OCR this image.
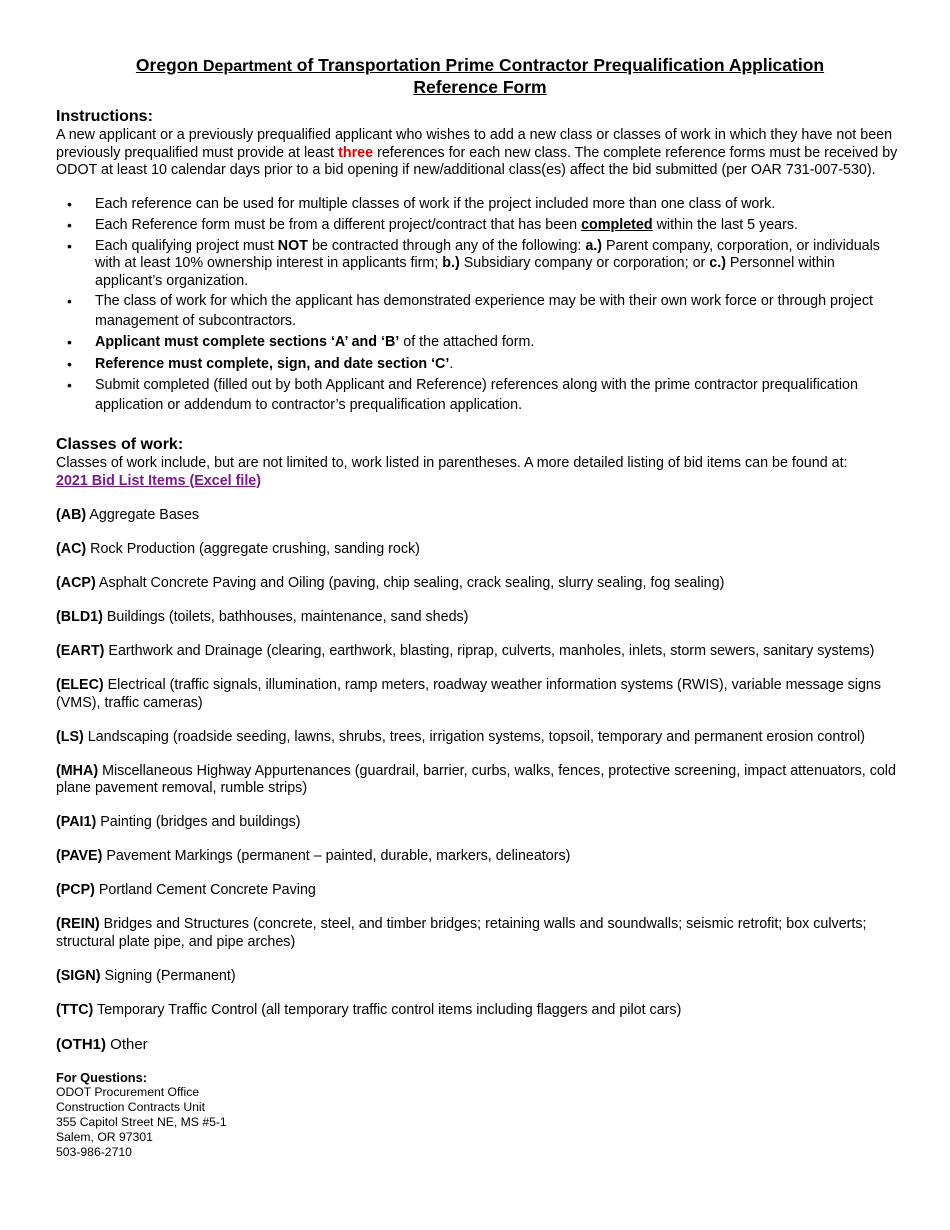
Oregon Department of Transportation Prime Contractor Prequalification Application
Reference Form
Instructions:

A new applicant or a previously prequalified applicant who wishes to add a new class or classes of work in which they have not been previously prequalified must provide at least three references for each new class. The complete reference forms must be received by ODOT at least 10 calendar days prior to a bid opening if new/additional class(es) affect the bid submitted (per OAR 731-007-530).

• Each reference can be used for multiple classes of work if the project included more than one class of work.
• Each Reference form must be from a different project/contract that has been completed within the last 5 years.
• Each qualifying project must NOT be contracted through any of the following: a.) Parent company, corporation, or individuals with at least 10% ownership interest in applicants firm; b.) Subsidiary company or corporation; or c.) Personnel within applicant’s organization.
• The class of work for which the applicant has demonstrated experience may be with their own work force or through project management of subcontractors.
• Applicant must complete sections ‘A’ and ‘B’ of the attached form.
• Reference must complete, sign, and date section ‘C’.
• Submit completed (filled out by both Applicant and Reference) references along with the prime contractor prequalification application or addendum to contractor’s prequalification application.
Classes of work:

Classes of work include, but are not limited to, work listed in parentheses. A more detailed listing of bid items can be found at:

2021 Bid List Items (Excel file)

(AB) Aggregate Bases

(AC) Rock Production (aggregate crushing, sanding rock)

(ACP) Asphalt Concrete Paving and Oiling (paving, chip sealing, crack sealing, slurry sealing, fog sealing)

(BLD1) Buildings (toilets, bathhouses, maintenance, sand sheds)

(EART) Earthwork and Drainage (clearing, earthwork, blasting, riprap, culverts, manholes, inlets, storm sewers, sanitary systems)

(ELEC) Electrical (traffic signals, illumination, ramp meters, roadway weather information systems (RWIS), variable message signs (VMS), traffic cameras)

(LS) Landscaping (roadside seeding, lawns, shrubs, trees, irrigation systems, topsoil, temporary and permanent erosion control)

(MHA) Miscellaneous Highway Appurtenances (guardrail, barrier, curbs, walks, fences, protective screening, impact attenuators, cold plane pavement removal, rumble strips)

(PAI1) Painting (bridges and buildings)

(PAVE) Pavement Markings (permanent – painted, durable, markers, delineators)

(PCP) Portland Cement Concrete Paving

(REIN) Bridges and Structures (concrete, steel, and timber bridges; retaining walls and soundwalls; seismic retrofit; box culverts; structural plate pipe, and pipe arches)

(SIGN) Signing (Permanent)

(TTC) Temporary Traffic Control (all temporary traffic control items including flaggers and pilot cars)

(OTH1) Other

For Questions:
ODOT Procurement Office
Construction Contracts Unit
355 Capitol Street NE, MS #5-1
Salem, OR 97301
503-986-2710
